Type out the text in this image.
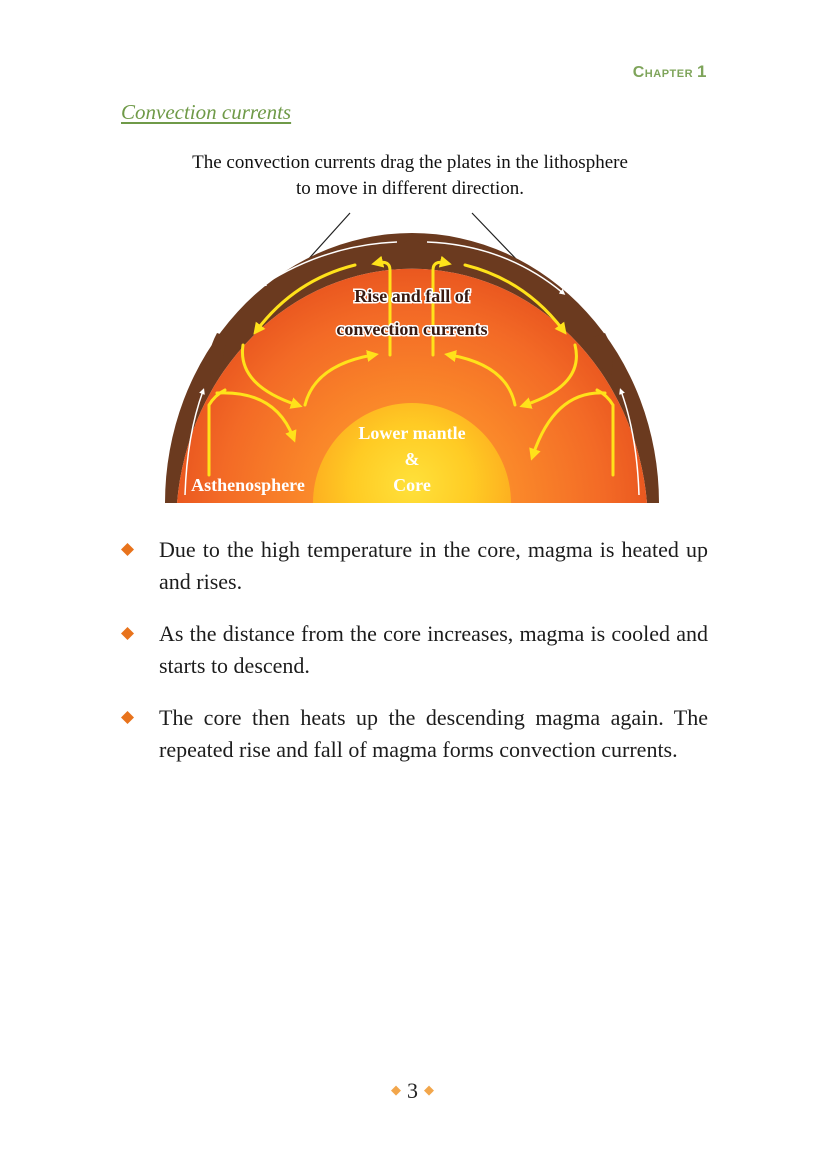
Chapter 1
Convection currents
The convection currents drag the plates in the lithosphere
to move in different direction.
Rise and fall of
convection currents
Lower mantle
&
Core
Asthenosphere
Due to the high temperature in the core, magma is heated up and rises.
As the distance from the core increases, magma is cooled and starts to descend.
The core then heats up the descending magma again. The repeated rise and fall of magma forms convection currents.
◆ 3 ◆
